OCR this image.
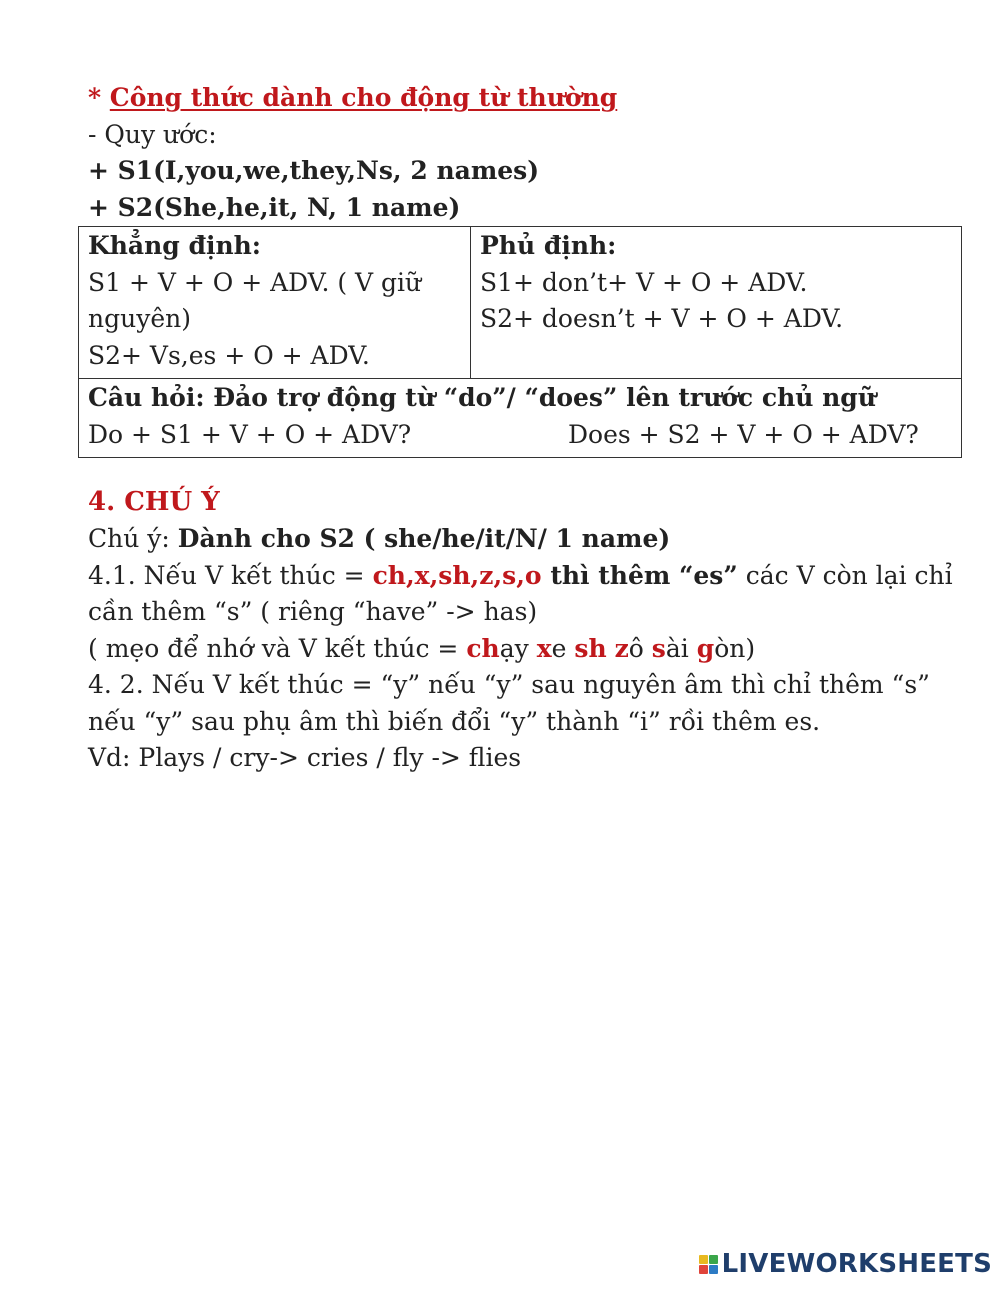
* Công thức dành cho động từ thường
- Quy ước:
+ S1(I,you,we,they,Ns, 2 names)
+ S2(She,he,it, N, 1 name)
Khẳng định:
S1 + V + O + ADV. ( V giữ
nguyên)
S2+ Vs,es + O + ADV.

Phủ định:
S1+ don’t+ V + O + ADV.
S2+ doesn’t + V + O + ADV.

Câu hỏi: Đảo trợ động từ “do”/ “does” lên trước chủ ngữ
Do + S1 + V + O + ADV?	Does + S2 + V + O + ADV?
4. CHÚ Ý
Chú ý: Dành cho S2 ( she/he/it/N/ 1 name)
4.1. Nếu V kết thúc = ch,x,sh,z,s,o thì thêm “es” các V còn lại chỉ
cần thêm “s” ( riêng “have” -> has)
( mẹo để nhớ và V kết thúc = chạy xe sh zô sài gòn)
4. 2. Nếu V kết thúc = “y” nếu “y” sau nguyên âm thì chỉ thêm “s”
nếu “y” sau phụ âm thì biến đổi “y” thành “i” rồi thêm es.
Vd: Plays / cry-> cries / fly -> flies
LIVEWORKSHEETS
